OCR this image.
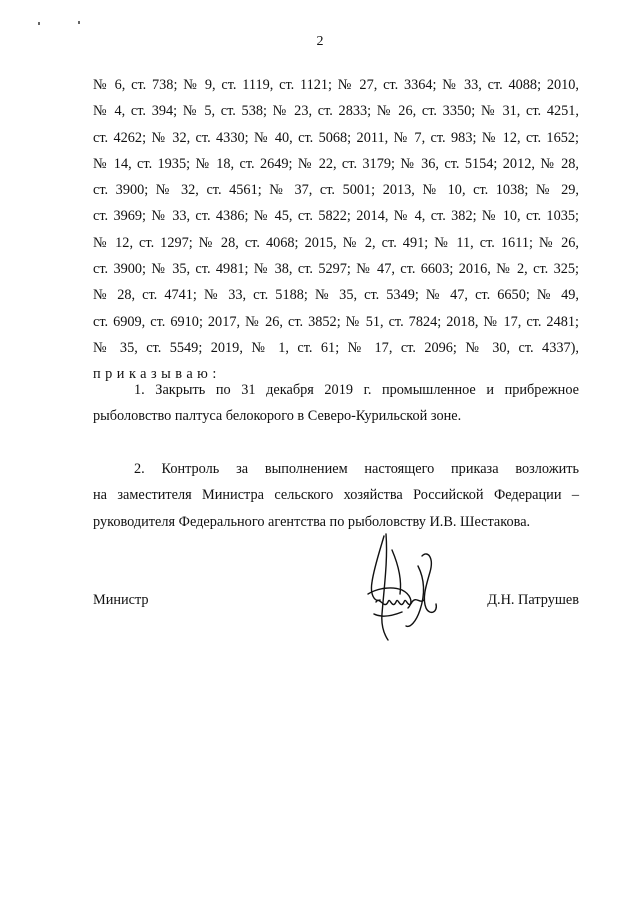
2
№ 6, ст. 738; № 9, ст. 1119, ст. 1121; № 27, ст. 3364; № 33, ст. 4088; 2010,
№ 4, ст. 394; № 5, ст. 538; № 23, ст. 2833; № 26, ст. 3350; № 31, ст. 4251,
ст. 4262; № 32, ст. 4330; № 40, ст. 5068; 2011, № 7, ст. 983; № 12, ст. 1652;
№ 14, ст. 1935; № 18, ст. 2649; № 22, ст. 3179; № 36, ст. 5154; 2012, № 28,
ст. 3900; № 32, ст. 4561; № 37, ст. 5001; 2013, № 10, ст. 1038; № 29,
ст. 3969; № 33, ст. 4386; № 45, ст. 5822; 2014, № 4, ст. 382; № 10, ст. 1035;
№ 12, ст. 1297; № 28, ст. 4068; 2015, № 2, ст. 491; № 11, ст. 1611; № 26,
ст. 3900; № 35, ст. 4981; № 38, ст. 5297; № 47, ст. 6603; 2016, № 2, ст. 325;
№ 28, ст. 4741; № 33, ст. 5188; № 35, ст. 5349; № 47, ст. 6650; № 49,
ст. 6909, ст. 6910; 2017, № 26, ст. 3852; № 51, ст. 7824; 2018, № 17, ст. 2481;
№ 35, ст. 5549; 2019, № 1, ст. 61; № 17, ст. 2096; № 30, ст. 4337),
приказываю:
1. Закрыть по 31 декабря 2019 г. промышленное и прибрежное
рыболовство палтуса белокорого в Северо-Курильской зоне.
2. Контроль за выполнением настоящего приказа возложить
на заместителя Министра сельского хозяйства Российской Федерации –
руководителя Федерального агентства по рыболовству И.В. Шестакова.
Министр	Д.Н. Патрушев
